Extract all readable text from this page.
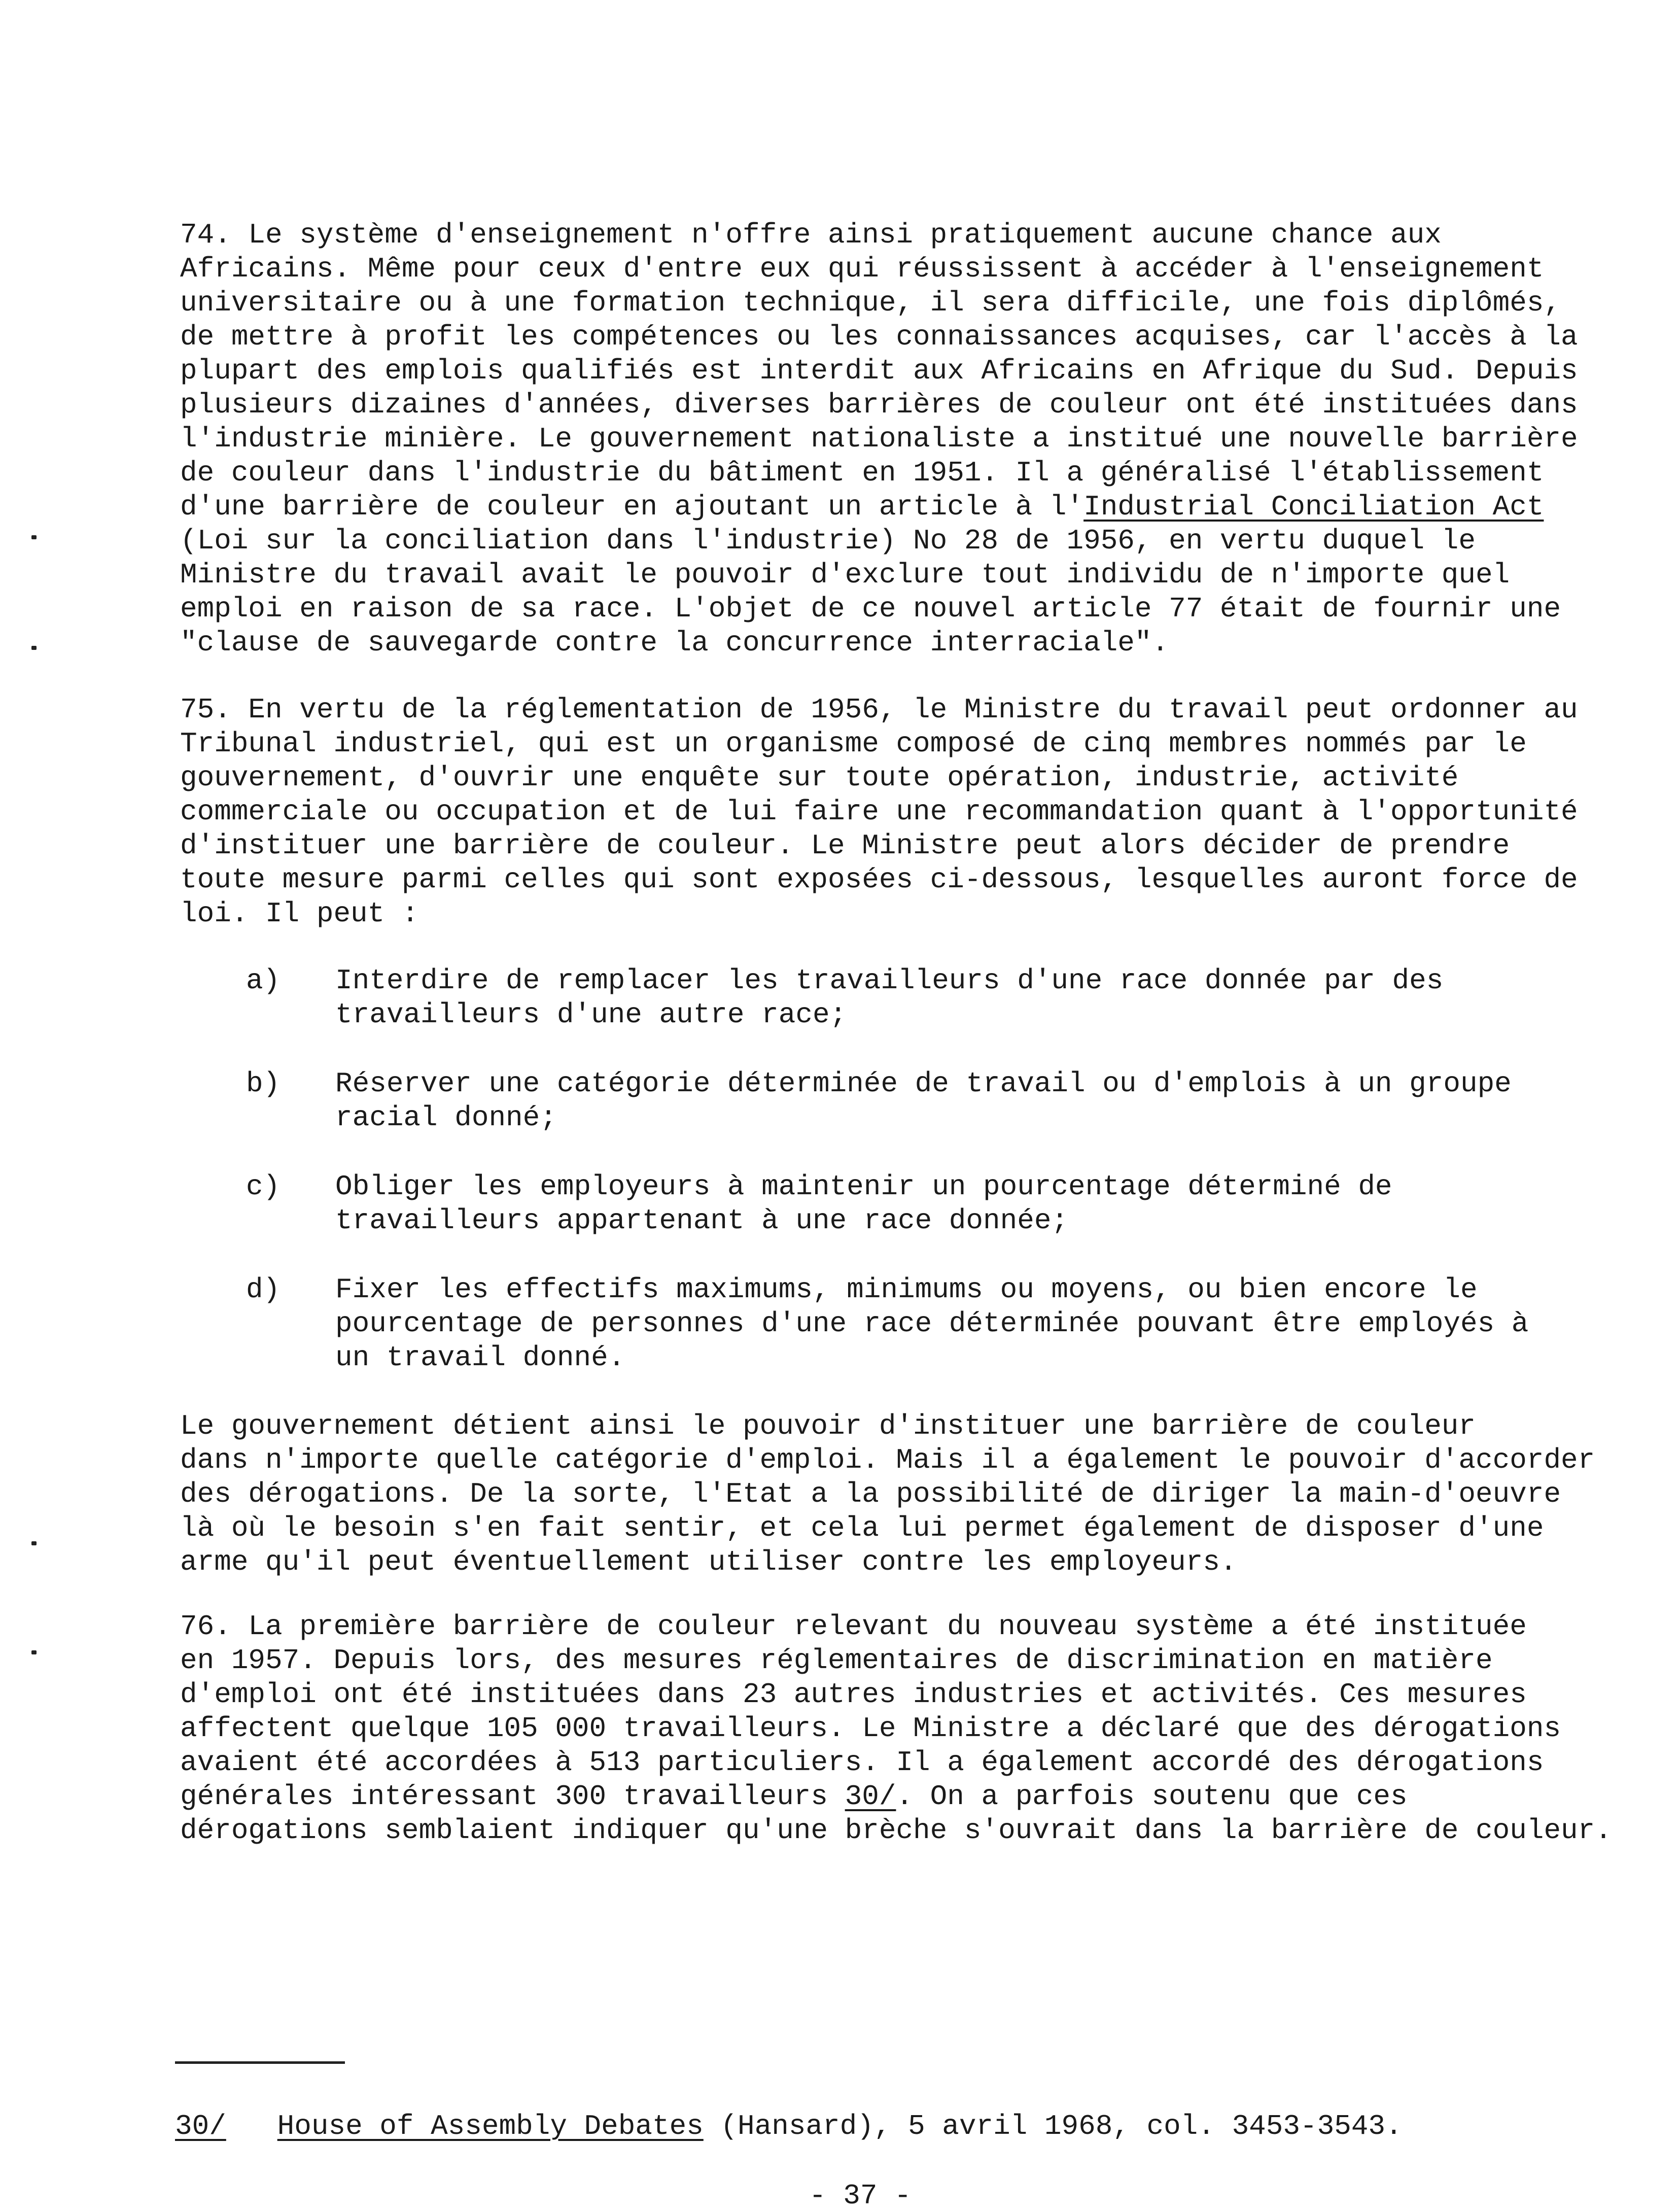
74. Le système d'enseignement n'offre ainsi pratiquement aucune chance aux
Africains. Même pour ceux d'entre eux qui réussissent à accéder à l'enseignement
universitaire ou à une formation technique, il sera difficile, une fois diplômés,
de mettre à profit les compétences ou les connaissances acquises, car l'accès à la
plupart des emplois qualifiés est interdit aux Africains en Afrique du Sud. Depuis
plusieurs dizaines d'années, diverses barrières de couleur ont été instituées dans
l'industrie minière. Le gouvernement nationaliste a institué une nouvelle barrière
de couleur dans l'industrie du bâtiment en 1951. Il a généralisé l'établissement
d'une barrière de couleur en ajoutant un article à l'Industrial Conciliation Act
(Loi sur la conciliation dans l'industrie) No 28 de 1956, en vertu duquel le
Ministre du travail avait le pouvoir d'exclure tout individu de n'importe quel
emploi en raison de sa race. L'objet de ce nouvel article 77 était de fournir une
"clause de sauvegarde contre la concurrence interraciale".
75. En vertu de la réglementation de 1956, le Ministre du travail peut ordonner au
Tribunal industriel, qui est un organisme composé de cinq membres nommés par le
gouvernement, d'ouvrir une enquête sur toute opération, industrie, activité
commerciale ou occupation et de lui faire une recommandation quant à l'opportunité
d'instituer une barrière de couleur. Le Ministre peut alors décider de prendre
toute mesure parmi celles qui sont exposées ci-dessous, lesquelles auront force de
loi. Il peut :
a) Interdire de remplacer les travailleurs d'une race donnée par des
travailleurs d'une autre race;
b) Réserver une catégorie déterminée de travail ou d'emplois à un groupe
racial donné;
c) Obliger les employeurs à maintenir un pourcentage déterminé de
travailleurs appartenant à une race donnée;
d) Fixer les effectifs maximums, minimums ou moyens, ou bien encore le
pourcentage de personnes d'une race déterminée pouvant être employés à
un travail donné.
Le gouvernement détient ainsi le pouvoir d'instituer une barrière de couleur
dans n'importe quelle catégorie d'emploi. Mais il a également le pouvoir d'accorder
des dérogations. De la sorte, l'Etat a la possibilité de diriger la main-d'oeuvre
là où le besoin s'en fait sentir, et cela lui permet également de disposer d'une
arme qu'il peut éventuellement utiliser contre les employeurs.
76. La première barrière de couleur relevant du nouveau système a été instituée
en 1957. Depuis lors, des mesures réglementaires de discrimination en matière
d'emploi ont été instituées dans 23 autres industries et activités. Ces mesures
affectent quelque 105 000 travailleurs. Le Ministre a déclaré que des dérogations
avaient été accordées à 513 particuliers. Il a également accordé des dérogations
générales intéressant 300 travailleurs 30/. On a parfois soutenu que ces
dérogations semblaient indiquer qu'une brèche s'ouvrait dans la barrière de couleur.
30/ House of Assembly Debates (Hansard), 5 avril 1968, col. 3453-3543.
- 37 -
